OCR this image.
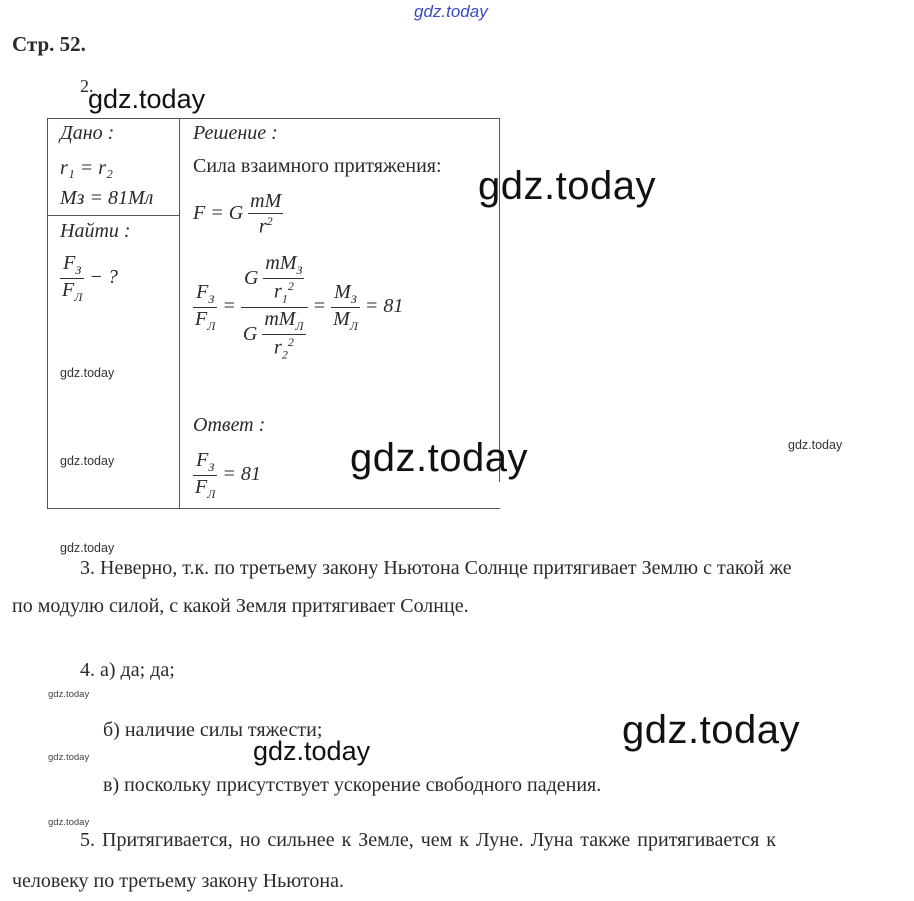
gdz.today
Стр. 52.
2.
gdz.today
Дано :
r₁ = r₂
Mз = 81Mл
Найти :
$\frac{F_З}{F_Л}$ − ?
gdz.today
gdz.today
Решение :
Сила взаимного притяжения: gdz.today
F = G $\frac{mM}{r^2}$
$\frac{F_З}{F_Л} = \frac{G \frac{mM_З}{r_1^2}}{G \frac{mM_Л}{r_2^2}} = \frac{M_З}{M_Л} = 81$
Ответ :
$\frac{F_З}{F_Л} = 81$ gdz.today	gdz.today
gdz.today
3. Неверно, т.к. по третьему закону Ньютона Солнце притягивает Землю с такой же
по модулю силой, с какой Земля притягивает Солнце.
4. а) да; да;
gdz.today
б) наличие силы тяжести;	gdz.today
gdz.today
gdz.today
в) поскольку присутствует ускорение свободного падения.
gdz.today
5. Притягивается, но сильнее к Земле, чем к Луне. Луна также притягивается к
человеку по третьему закону Ньютона.
